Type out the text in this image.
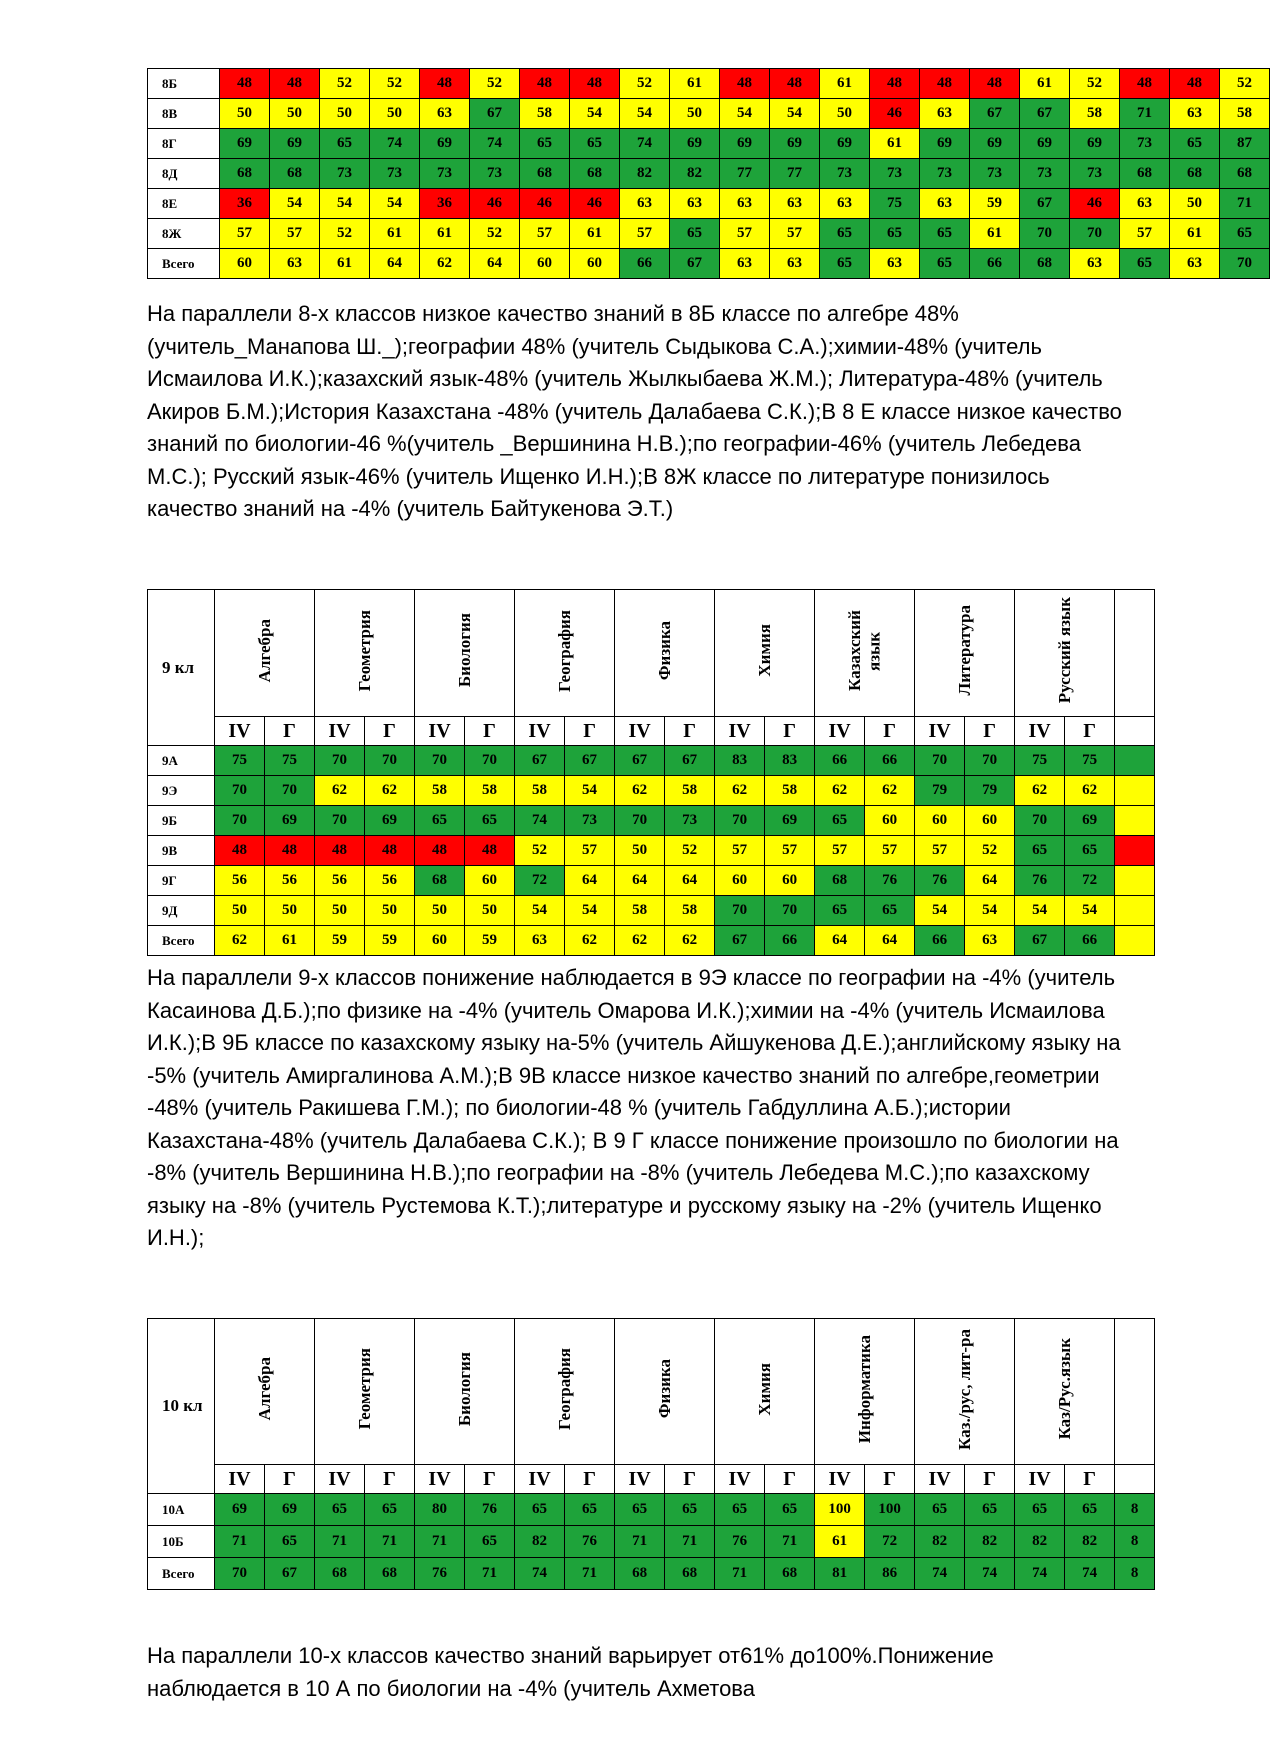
8Б	48	48	52	52	48	52	48	48	52	61	48	48	61	48	48	48	61	52	48	48	52
8В	50	50	50	50	63	67	58	54	54	50	54	54	50	46	63	67	67	58	71	63	58
8Г	69	69	65	74	69	74	65	65	74	69	69	69	69	61	69	69	69	69	73	65	87
8Д	68	68	73	73	73	73	68	68	82	82	77	77	73	73	73	73	73	73	68	68	68
8Е	36	54	54	54	36	46	46	46	63	63	63	63	63	75	63	59	67	46	63	50	71
8Ж	57	57	52	61	61	52	57	61	57	65	57	57	65	65	65	61	70	70	57	61	65
Всего	60	63	61	64	62	64	60	60	66	67	63	63	65	63	65	66	68	63	65	63	70

На параллели 8-х классов низкое качество знаний в 8Б классе по алгебре 48% (учитель_Манапова Ш._);географии 48% (учитель Сыдыкова С.А.);химии-48% (учитель Исмаилова И.К.);казахский язык-48% (учитель Жылкыбаева Ж.М.); Литература-48% (учитель Акиров Б.М.);История Казахстана -48% (учитель Далабаева С.К.);В 8 Е классе низкое качество знаний по биологии-46 %(учитель _Вершинина Н.В.);по географии-46% (учитель Лебедева М.С.); Русский язык-46% (учитель Ищенко И.Н.);В 8Ж классе по литературе понизилось качество знаний на -4% (учитель Байтукенова Э.Т.)

9 кл	Алгебра		Геометрия		Биология		География		Физика		Химия		Казахский язык		Литература		Русский язык		
	IV	Г	IV	Г	IV	Г	IV	Г	IV	Г	IV	Г	IV	Г	IV	Г	IV	Г	
9А	75	75	70	70	70	70	67	67	67	67	83	83	66	66	70	70	75	75	
9Э	70	70	62	62	58	58	58	54	62	58	62	58	62	62	79	79	62	62	
9Б	70	69	70	69	65	65	74	73	70	73	70	69	65	60	60	60	70	69	
9В	48	48	48	48	48	48	52	57	50	52	57	57	57	57	57	52	65	65	
9Г	56	56	56	56	68	60	72	64	64	64	60	60	68	76	76	64	76	72	
9Д	50	50	50	50	50	50	54	54	58	58	70	70	65	65	54	54	54	54	
Всего	62	61	59	59	60	59	63	62	62	62	67	66	64	64	66	63	67	66	

На параллели 9-х классов понижение наблюдается в 9Э классе по географии на -4% (учитель Касаинова Д.Б.);по физике на -4% (учитель Омарова И.К.);химии на -4% (учитель Исмаилова И.К.);В 9Б классе по казахскому языку на-5% (учитель Айшукенова Д.Е.);английскому языку на -5% (учитель Амиргалинова А.М.);В 9В классе низкое качество знаний по алгебре,геометрии -48% (учитель Ракишева Г.М.); по биологии-48 % (учитель Габдуллина А.Б.);истории Казахстана-48% (учитель Далабаева С.К.); В 9 Г классе понижение произошло по биологии на -8% (учитель Вершинина Н.В.);по географии на -8% (учитель Лебедева М.С.);по казахскому языку на -8% (учитель Рустемова К.Т.);литературе и русскому языку на -2% (учитель Ищенко И.Н.);

10 кл	Алгебра		Геометрия		Биология		География		Физика		Химия		Информатика		Каз./рус, лит-ра		Каз/Рус.язык		
	IV	Г	IV	Г	IV	Г	IV	Г	IV	Г	IV	Г	IV	Г	IV	Г	IV	Г	
10А	69	69	65	65	80	76	65	65	65	65	65	65	100	100	65	65	65	65	8
10Б	71	65	71	71	71	65	82	76	71	71	76	71	61	72	82	82	82	82	8
Всего	70	67	68	68	76	71	74	71	68	68	71	68	81	86	74	74	74	74	8

На параллели 10-х классов качество знаний варьирует от61% до100%.Понижение наблюдается в 10 А по биологии на -4% (учитель Ахметова
